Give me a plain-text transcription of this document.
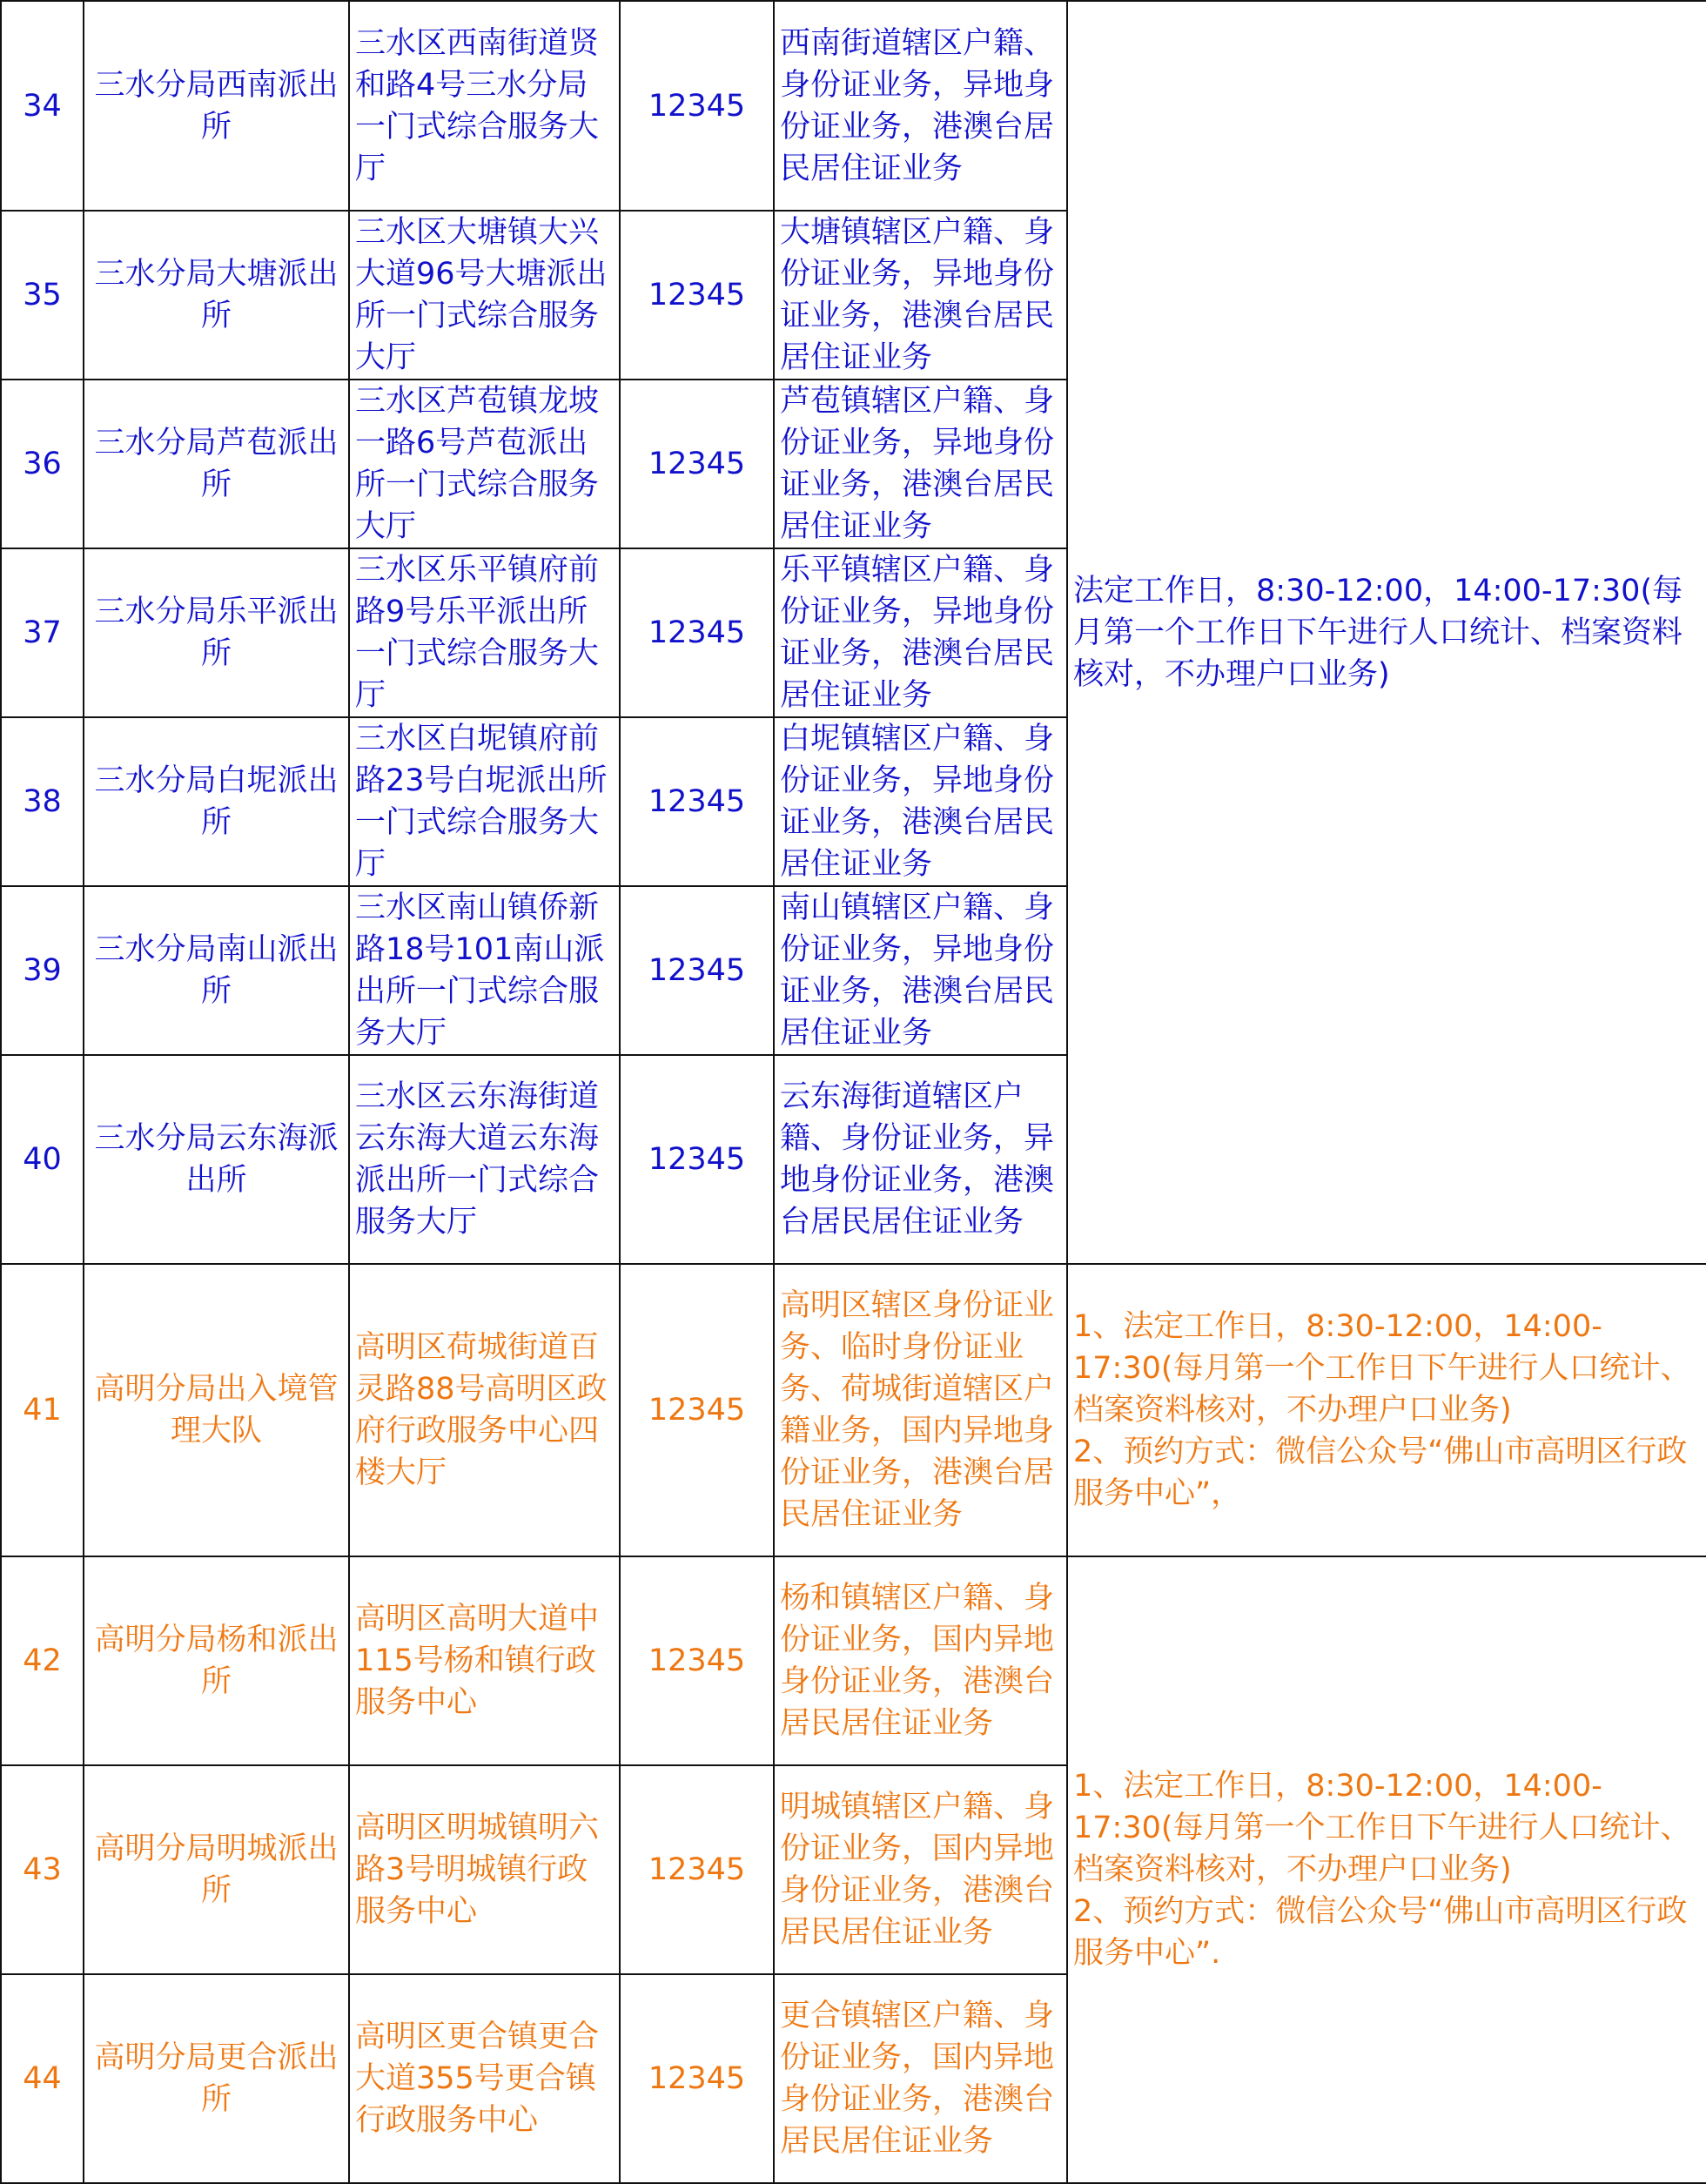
34	三水分局西南派出所	三水区西南街道贤和路4号三水分局一门式综合服务大厅	12345	西南街道辖区户籍、身份证业务，异地身份证业务，港澳台居民居住证业务	法定工作日，8:30-12:00，14:00-17:30(每月第一个工作日下午进行人口统计、档案资料核对，不办理户口业务)
35	三水分局大塘派出所	三水区大塘镇大兴大道96号大塘派出所一门式综合服务大厅	12345	大塘镇辖区户籍、身份证业务，异地身份证业务，港澳台居民居住证业务	
36	三水分局芦苞派出所	三水区芦苞镇龙坡一路6号芦苞派出所一门式综合服务大厅	12345	芦苞镇辖区户籍、身份证业务，异地身份证业务，港澳台居民居住证业务	
37	三水分局乐平派出所	三水区乐平镇府前路9号乐平派出所一门式综合服务大厅	12345	乐平镇辖区户籍、身份证业务，异地身份证业务，港澳台居民居住证业务	
38	三水分局白坭派出所	三水区白坭镇府前路23号白坭派出所一门式综合服务大厅	12345	白坭镇辖区户籍、身份证业务，异地身份证业务，港澳台居民居住证业务	
39	三水分局南山派出所	三水区南山镇侨新路18号101南山派出所一门式综合服务大厅	12345	南山镇辖区户籍、身份证业务，异地身份证业务，港澳台居民居住证业务	
40	三水分局云东海派出所	三水区云东海街道云东海大道云东海派出所一门式综合服务大厅	12345	云东海街道辖区户籍、身份证业务，异地身份证业务，港澳台居民居住证业务	
41	高明分局出入境管理大队	高明区荷城街道百灵路88号高明区政府行政服务中心四楼大厅	12345	高明区辖区身份证业务、临时身份证业务、荷城街道辖区户籍业务，国内异地身份证业务，港澳台居民居住证业务	1、法定工作日，8:30-12:00，14:00-17:30(每月第一个工作日下午进行人口统计、档案资料核对，不办理户口业务)
2、预约方式：微信公众号“佛山市高明区行政服务中心”，
42	高明分局杨和派出所	高明区高明大道中115号杨和镇行政服务中心	12345	杨和镇辖区户籍、身份证业务，国内异地身份证业务，港澳台居民居住证业务	1、法定工作日，8:30-12:00，14:00-17:30(每月第一个工作日下午进行人口统计、档案资料核对，不办理户口业务)
2、预约方式：微信公众号“佛山市高明区行政服务中心”.
43	高明分局明城派出所	高明区明城镇明六路3号明城镇行政服务中心	12345	明城镇辖区户籍、身份证业务，国内异地身份证业务，港澳台居民居住证业务	
44	高明分局更合派出所	高明区更合镇更合大道355号更合镇行政服务中心	12345	更合镇辖区户籍、身份证业务，国内异地身份证业务，港澳台居民居住证业务	
